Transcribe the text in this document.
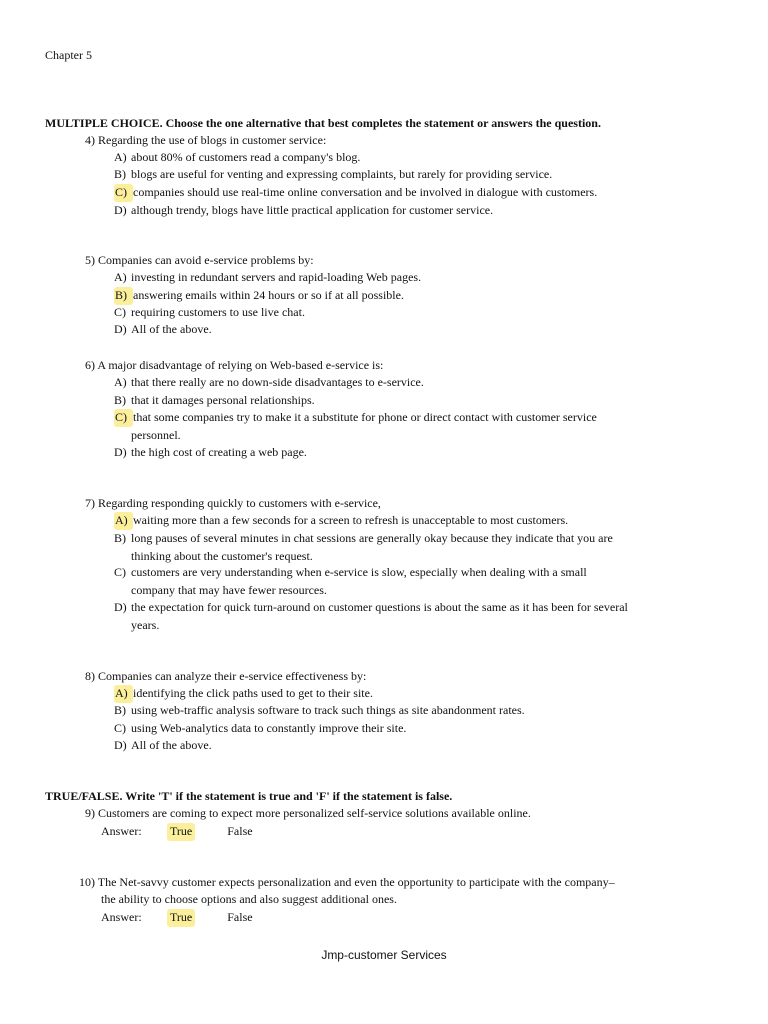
Chapter 5
MULTIPLE CHOICE. Choose the one alternative that best completes the statement or answers the question.
4) Regarding the use of blogs in customer service:
A) about 80% of customers read a company's blog.
B) blogs are useful for venting and expressing complaints, but rarely for providing service.
C) companies should use real-time online conversation and be involved in dialogue with customers.
D) although trendy, blogs have little practical application for customer service.
5) Companies can avoid e-service problems by:
A) investing in redundant servers and rapid-loading Web pages.
B) answering emails within 24 hours or so if at all possible.
C) requiring customers to use live chat.
D) All of the above.
6) A major disadvantage of relying on Web-based e-service is:
A) that there really are no down-side disadvantages to e-service.
B) that it damages personal relationships.
C) that some companies try to make it a substitute for phone or direct contact with customer service
personnel.
D) the high cost of creating a web page.
7) Regarding responding quickly to customers with e-service,
A) waiting more than a few seconds for a screen to refresh is unacceptable to most customers.
B) long pauses of several minutes in chat sessions are generally okay because they indicate that you are
thinking about the customer's request.
C) customers are very understanding when e-service is slow, especially when dealing with a small
company that may have fewer resources.
D) the expectation for quick turn-around on customer questions is about the same as it has been for several
years.
8) Companies can analyze their e-service effectiveness by:
A) identifying the click paths used to get to their site.
B) using web-traffic analysis software to track such things as site abandonment rates.
C) using Web-analytics data to constantly improve their site.
D) All of the above.
TRUE/FALSE. Write 'T' if the statement is true and 'F' if the statement is false.
9) Customers are coming to expect more personalized self-service solutions available online.
Answer: True	False
10) The Net-savvy customer expects personalization and even the opportunity to participate with the company–
the ability to choose options and also suggest additional ones.
Answer: True	False
Jmp-customer Services
